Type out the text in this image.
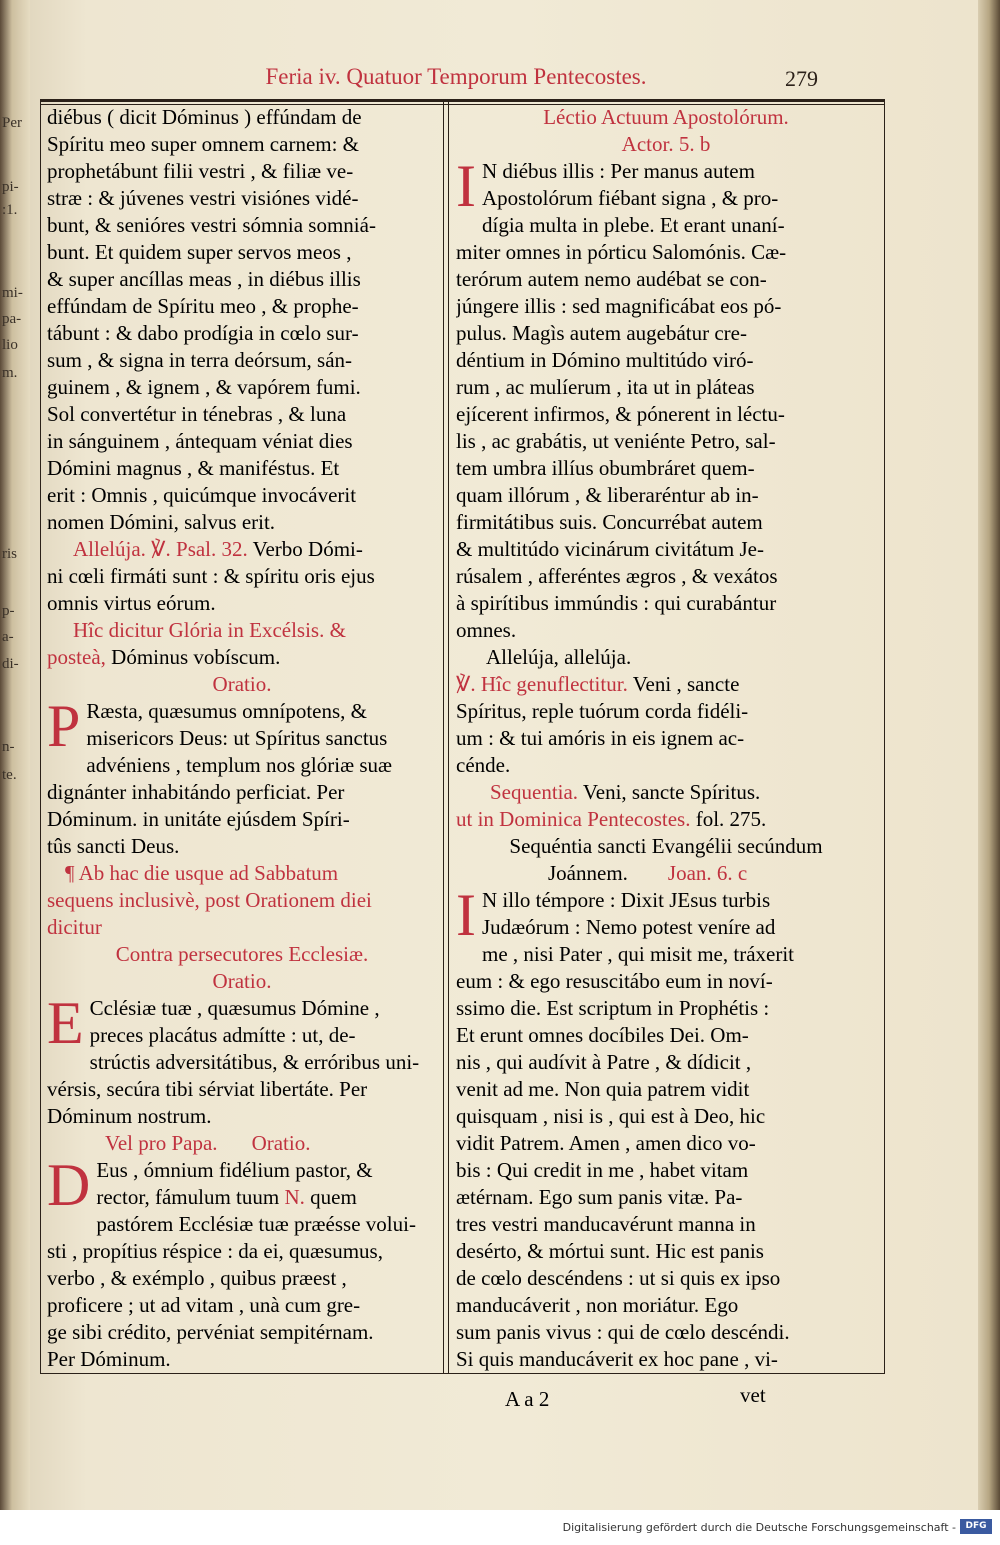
Per
pi-
:1.
mi-
pa-
lio
m.
ris
p-
a-
di-
n-
te.
Feria iv. Quatuor Temporum Pentecostes.	279
diébus ( dicit Dóminus ) effúndam de
Spíritu meo super omnem carnem: &
prophetábunt filii vestri , & filiæ ve-
stræ : & júvenes vestri visiónes vidé-
bunt, & senióres vestri sómnia somniá-
bunt. Et quidem super servos meos ,
& super ancíllas meas , in diébus illis
effúndam de Spíritu meo , & prophe-
tábunt : & dabo prodígia in cœlo sur-
sum , & signa in terra deórsum, sán-
guinem , & ignem , & vapórem fumi.
Sol convertétur in ténebras , & luna
in sánguinem , ántequam véniat dies
Dómini magnus , & maniféstus. Et
erit : Omnis , quicúmque invocáverit
nomen Dómini, salvus erit.
Allelúja. ℣. Psal. 32. Verbo Dómi-
ni cœli firmáti sunt : & spíritu oris ejus
omnis virtus eórum.
Hîc dicitur Glória in Excélsis. &
posteà, Dóminus vobíscum.
Oratio.
P Ræsta, quæsumus omnípotens, &
misericors Deus: ut Spíritus sanctus
advéniens , templum nos glóriæ suæ
dignánter inhabitándo perficiat. Per
Dóminum. in unitáte ejúsdem Spíri-
tûs sancti Deus.
¶ Ab hac die usque ad Sabbatum
sequens inclusivè, post Orationem diei
dicitur
Contra persecutores Ecclesiæ.
Oratio.
E Cclésiæ tuæ , quæsumus Dómine ,
preces placátus admítte : ut, de-
strúctis adversitátibus, & erróribus uni-
vérsis, secúra tibi sérviat libertáte. Per
Dóminum nostrum.
Vel pro Papa. Oratio.
D Eus , ómnium fidélium pastor, &
rector, fámulum tuum N. quem
pastórem Ecclésiæ tuæ præésse volui-
sti , propítius réspice : da ei, quæsumus,
verbo , & exémplo , quibus præest ,
proficere ; ut ad vitam , unà cum gre-
ge sibi crédito, pervéniat sempitérnam.
Per Dóminum.
Léctio Actuum Apostolórum.
Actor. 5. b
I N diébus illis : Per manus autem
Apostolórum fiébant signa , & pro-
dígia multa in plebe. Et erant unaní-
miter omnes in pórticu Salomónis. Cæ-
terórum autem nemo audébat se con-
júngere illis : sed magnificábat eos pó-
pulus. Magìs autem augebátur cre-
déntium in Dómino multitúdo viró-
rum , ac mulíerum , ita ut in pláteas
ejícerent infirmos, & pónerent in léctu-
lis , ac grabátis, ut veniénte Petro, sal-
tem umbra illíus obumbráret quem-
quam illórum , & liberaréntur ab in-
firmitátibus suis. Concurrébat autem
& multitúdo vicinárum civitátum Je-
rúsalem , afferéntes ægros , & vexátos
à spirítibus immúndis : qui curabántur
omnes.
Allelúja, allelúja.
℣. Hîc genuflectitur. Veni , sancte
Spíritus, reple tuórum corda fidéli-
um : & tui amóris in eis ignem ac-
cénde.
Sequentia. Veni, sancte Spíritus.
ut in Dominica Pentecostes. fol. 275.
Sequéntia sancti Evangélii secúndum
Joánnem. Joan. 6. c
I N illo témpore : Dixit JEsus turbis
Judæórum : Nemo potest veníre ad
me , nisi Pater , qui misit me, tráxerit
eum : & ego resuscitábo eum in noví-
ssimo die. Est scriptum in Prophétis :
Et erunt omnes docíbiles Dei. Om-
nis , qui audívit à Patre , & dídicit ,
venit ad me. Non quia patrem vidit
quisquam , nisi is , qui est à Deo, hic
vidit Patrem. Amen , amen dico vo-
bis : Qui credit in me , habet vitam
ætérnam. Ego sum panis vitæ. Pa-
tres vestri manducavérunt manna in
desérto, & mórtui sunt. Hic est panis
de cœlo descéndens : ut si quis ex ipso
manducáverit , non moriátur. Ego
sum panis vivus : qui de cœlo descéndi.
Si quis manducáverit ex hoc pane , vi-
A a 2	vet
Digitalisierung gefördert durch die Deutsche Forschungsgemeinschaft -	DFG
